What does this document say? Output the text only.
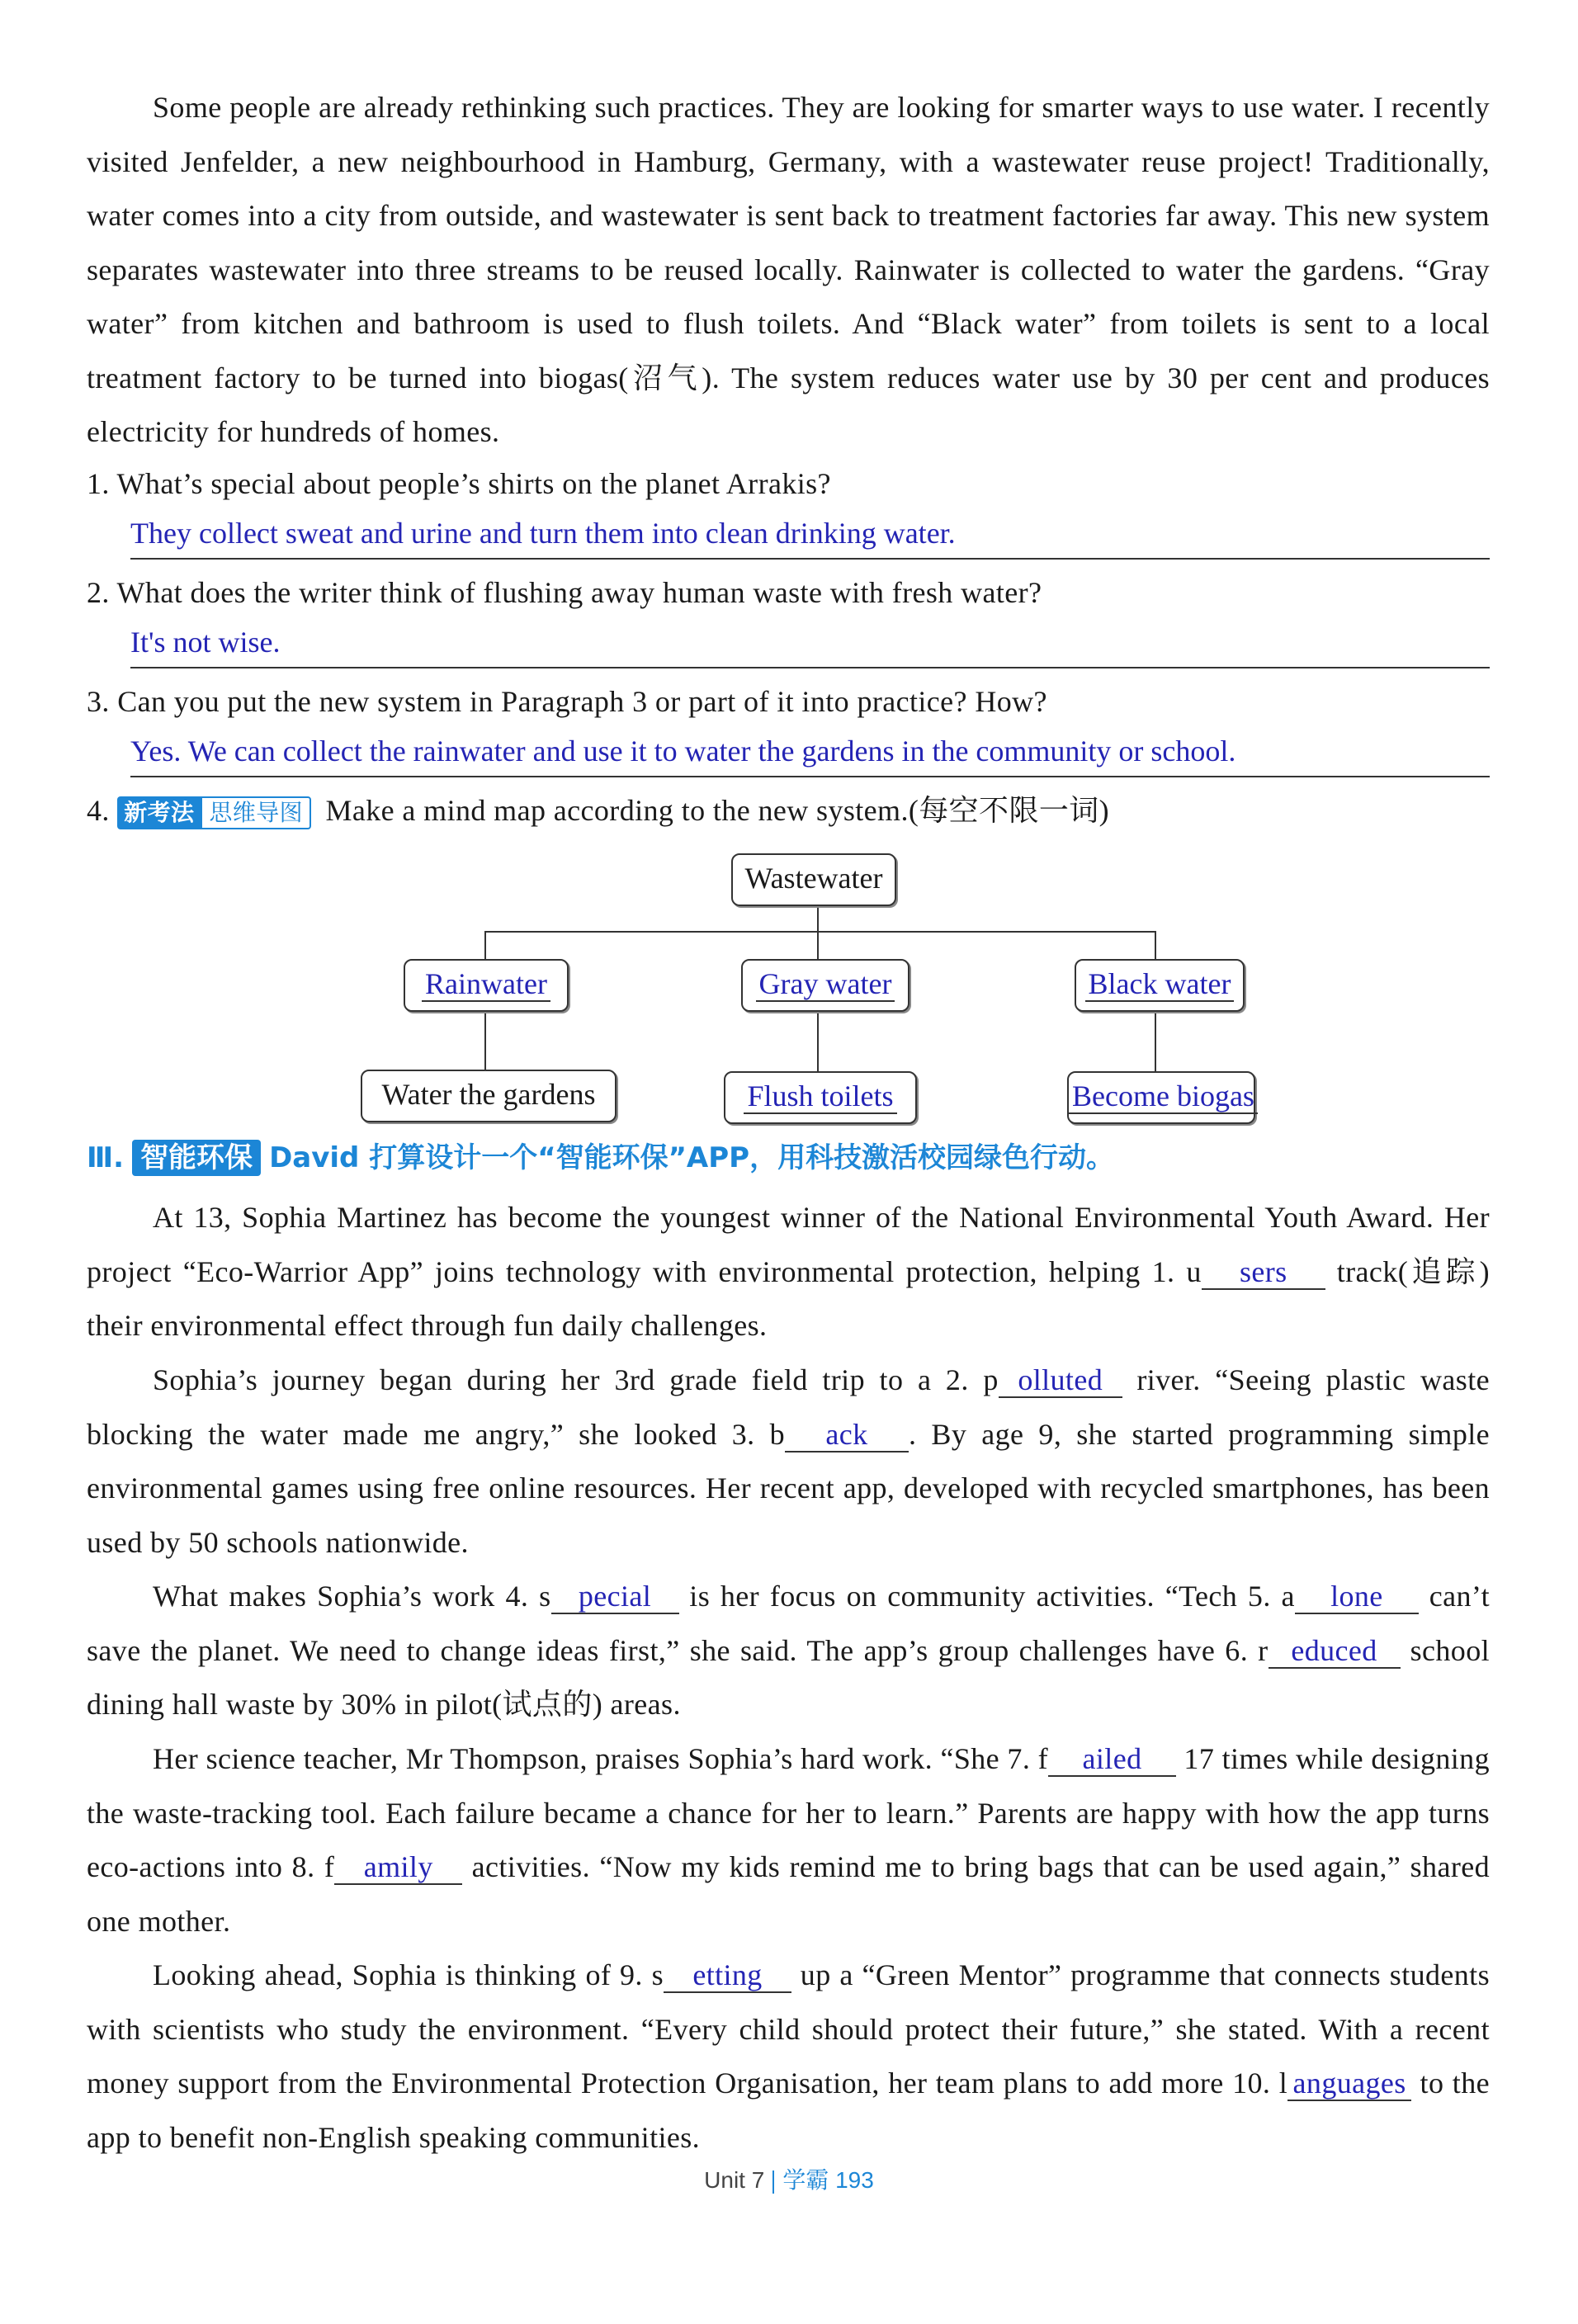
Some people are already rethinking such practices. They are looking for smarter ways to use water. I recently visited Jenfelder, a new neighbourhood in Hamburg, Germany, with a wastewater reuse project! Traditionally, water comes into a city from outside, and wastewater is sent back to treatment factories far away. This new system separates wastewater into three streams to be reused locally. Rainwater is collected to water the gardens. “Gray water” from kitchen and bathroom is used to flush toilets. And “Black water” from toilets is sent to a local treatment factory to be turned into biogas(沼气). The system reduces water use by 30 per cent and produces electricity for hundreds of homes.

1. What’s special about people’s shirts on the planet Arrakis?
They collect sweat and urine and turn them into clean drinking water.
2. What does the writer think of flushing away human waste with fresh water?
It's not wise.
3. Can you put the new system in Paragraph 3 or part of it into practice? How?
Yes. We can collect the rainwater and use it to water the gardens in the community or school.
4. 新考法 思维导图 Make a mind map according to the new system.(每空不限一词)
Wastewater
Rainwater	Gray water	Black water
Water the gardens	Flush toilets	Become biogas
Ⅲ. 智能环保 David 打算设计一个“智能环保”APP，用科技激活校园绿色行动。

At 13, Sophia Martinez has become the youngest winner of the National Environmental Youth Award. Her project “Eco-Warrior App” joins technology with environmental protection, helping 1. u sers track(追踪) their environmental effect through fun daily challenges.

Sophia’s journey began during her 3rd grade field trip to a 2. p olluted river. “Seeing plastic waste blocking the water made me angry,” she looked 3. b ack . By age 9, she started programming simple environmental games using free online resources. Her recent app, developed with recycled smartphones, has been used by 50 schools nationwide.

What makes Sophia’s work 4. s pecial is her focus on community activities. “Tech 5. a lone can’t save the planet. We need to change ideas first,” she said. The app’s group challenges have 6. r educed school dining hall waste by 30% in pilot(试点的) areas.

Her science teacher, Mr Thompson, praises Sophia’s hard work. “She 7. f ailed 17 times while designing the waste-tracking tool. Each failure became a chance for her to learn.” Parents are happy with how the app turns eco-actions into 8. f amily activities. “Now my kids remind me to bring bags that can be used again,” shared one mother.

Looking ahead, Sophia is thinking of 9. s etting up a “Green Mentor” programme that connects students with scientists who study the environment. “Every child should protect their future,” she stated. With a recent money support from the Environmental Protection Organisation, her team plans to add more 10. l anguages to the app to benefit non-English speaking communities.

Unit 7 学霸 193
